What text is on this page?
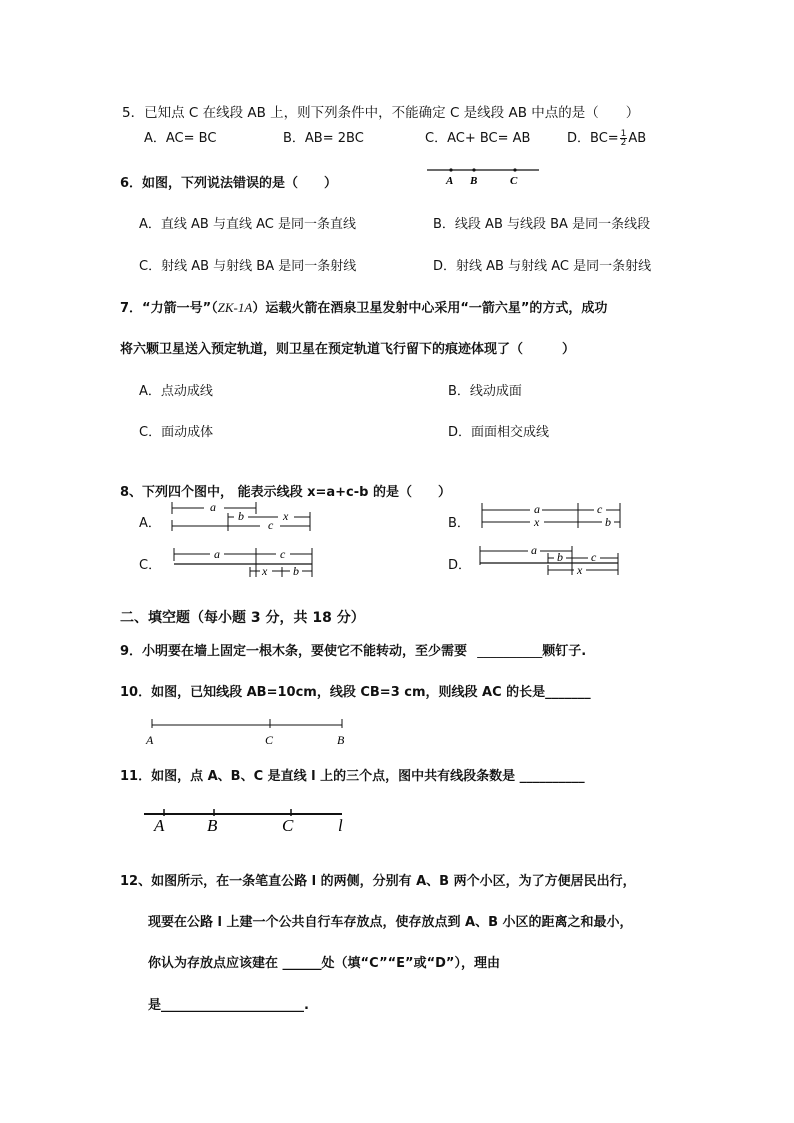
5．已知点 C 在线段 AB 上，则下列条件中，不能确定 C 是线段 AB 中点的是（　　）
A．AC= BC	B．AB= 2BC	C．AC+ BC= AB	D．$BC= \frac{1}{2}$ AB
6．如图，下列说法错误的是（　　）	A B	C
A．直线 AB 与直线 AC 是同一条直线	B．线段 AB 与线段 BA 是同一条线段
C．射线 AB 与射线 BA 是同一条射线	D．射线 AB 与射线 AC 是同一条射线
7．“力箭一号”（ZK-1A）运载火箭在酒泉卫星发射中心采用“一箭六星”的方式，成功
将六颗卫星送入预定轨道，则卫星在预定轨道飞行留下的痕迹体现了（　　　）
A．点动成线	B．线动成面
C．面动成体	D．面面相交成线
8、下列四个图中， 能表示线段 x=a+c-b 的是（　　）
A．	B．
C．	D．
a
b	x
c
a	c
x	b
a	c
x b
a b c
x
二、填空题（每小题 3 分，共 18 分）
9．小明要在墙上固定一根木条，要使它不能转动，至少需要 __________颗钉子.
10．如图，已知线段 AB=10cm，线段 CB=3 cm，则线段 AC 的长是_______
A	C	B
11．如图，点 A、B、C 是直线 l 上的三个点，图中共有线段条数是 __________
A	B	C	l
12、如图所示，在一条笔直公路 l 的两侧，分别有 A、B 两个小区，为了方便居民出行，
现要在公路 l 上建一个公共自行车存放点，使存放点到 A、B 小区的距离之和最小，
你认为存放点应该建在 ______处（填“C”“E”或“D”），理由
是______________________.
